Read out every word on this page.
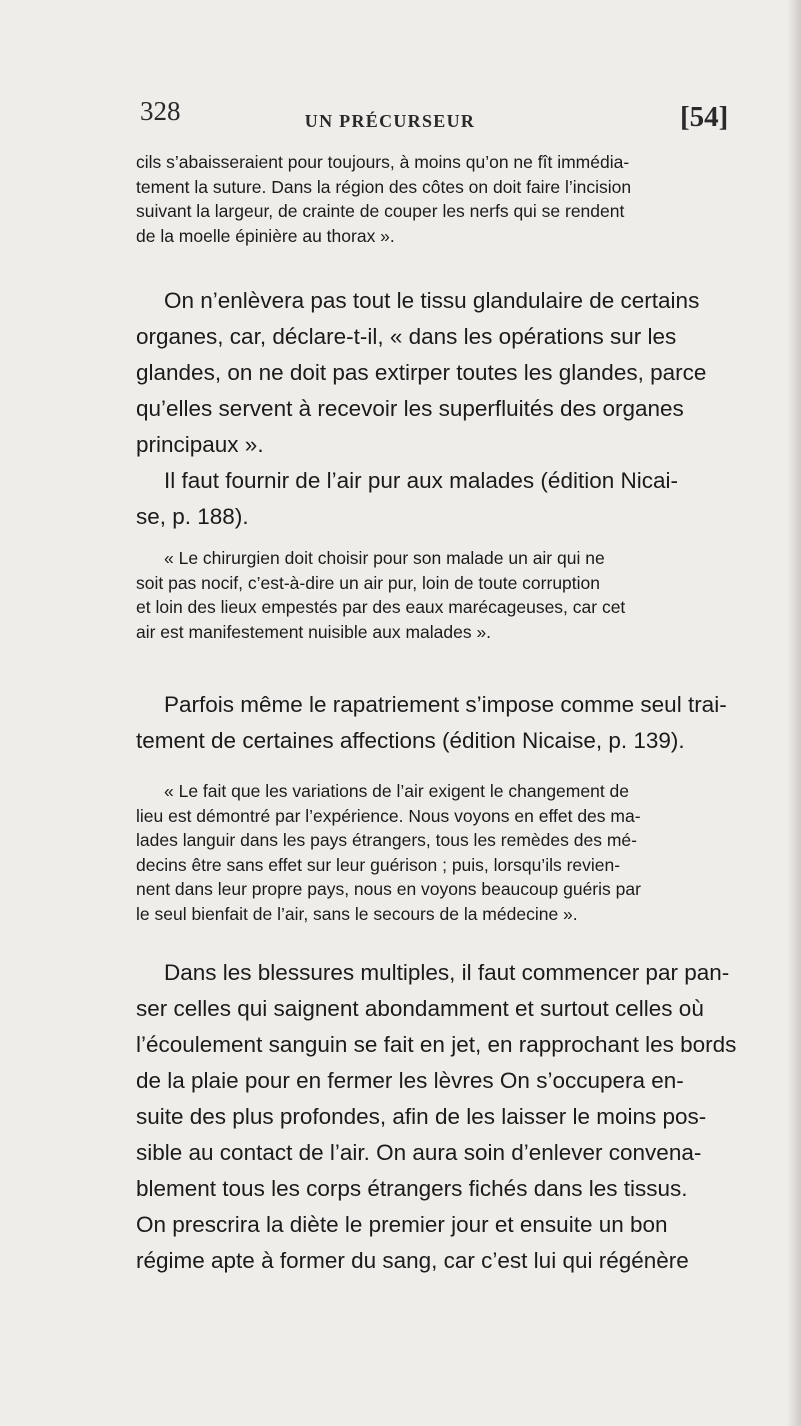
328	UN PRÉCURSEUR	[54]

cils s’abaisseraient pour toujours, à moins qu’on ne fît immédia-
tement la suture. Dans la région des côtes on doit faire l’incision
suivant la largeur, de crainte de couper les nerfs qui se rendent
de la moelle épinière au thorax ».

On n’enlèvera pas tout le tissu glandulaire de certains
organes, car, déclare-t-il, « dans les opérations sur les
glandes, on ne doit pas extirper toutes les glandes, parce
qu’elles servent à recevoir les superfluités des organes
principaux ».

Il faut fournir de l’air pur aux malades (édition Nicai-
se, p. 188).

« Le chirurgien doit choisir pour son malade un air qui ne
soit pas nocif, c’est-à-dire un air pur, loin de toute corruption
et loin des lieux empestés par des eaux marécageuses, car cet
air est manifestement nuisible aux malades ».

Parfois même le rapatriement s’impose comme seul trai-
tement de certaines affections (édition Nicaise, p. 139).

« Le fait que les variations de l’air exigent le changement de
lieu est démontré par l’expérience. Nous voyons en effet des ma-
lades languir dans les pays étrangers, tous les remèdes des mé-
decins être sans effet sur leur guérison ; puis, lorsqu’ils revien-
nent dans leur propre pays, nous en voyons beaucoup guéris par
le seul bienfait de l’air, sans le secours de la médecine ».

Dans les blessures multiples, il faut commencer par pan-
ser celles qui saignent abondamment et surtout celles où
l’écoulement sanguin se fait en jet, en rapprochant les bords
de la plaie pour en fermer les lèvres On s’occupera en-
suite des plus profondes, afin de les laisser le moins pos-
sible au contact de l’air. On aura soin d’enlever convena-
blement tous les corps étrangers fichés dans les tissus.
On prescrira la diète le premier jour et ensuite un bon
régime apte à former du sang, car c’est lui qui régénère
